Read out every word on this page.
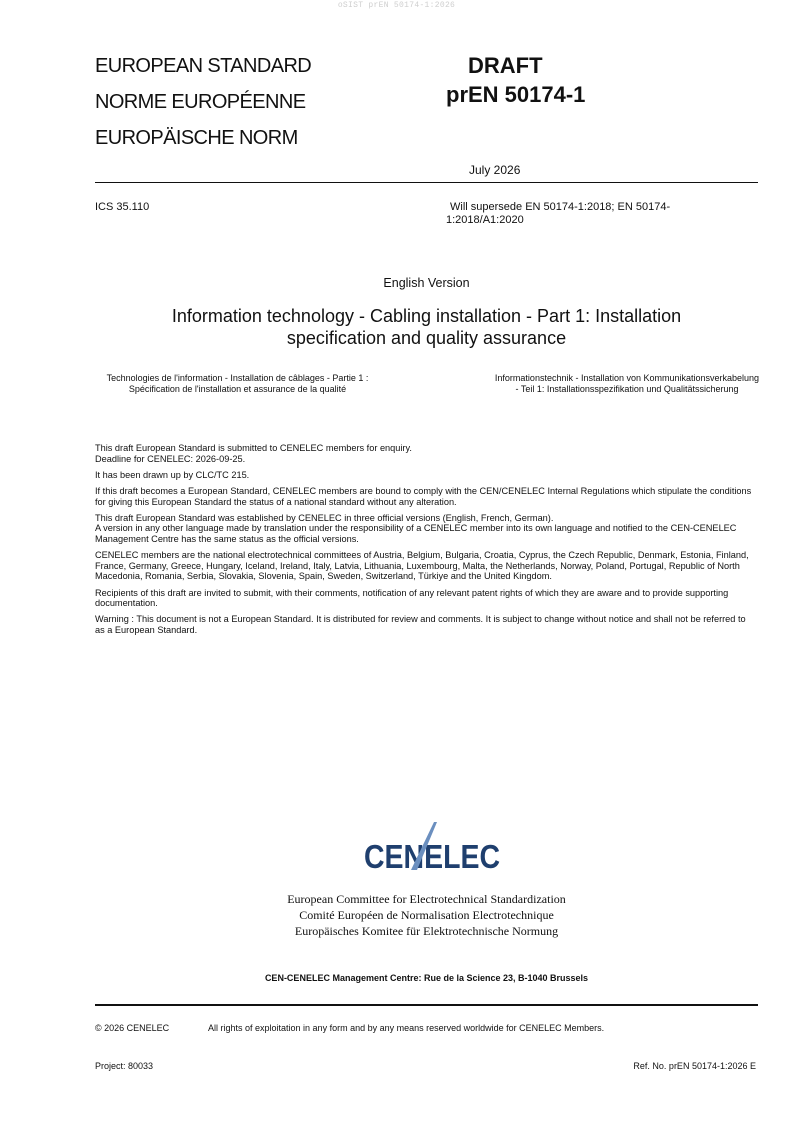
oSIST prEN 50174-1:2026
EUROPEAN STANDARD
NORME EUROPÉENNE
EUROPÄISCHE NORM
DRAFT
prEN 50174-1
July 2026
ICS 35.110	Will supersede EN 50174-1:2018; EN 50174-1:2018/A1:2020
English Version
Information technology - Cabling installation - Part 1: Installation specification and quality assurance
Technologies de l'information - Installation de câblages - Partie 1 : Spécification de l'installation et assurance de la qualité
Informationstechnik - Installation von Kommunikationsverkabelung - Teil 1: Installationsspezifikation und Qualitätssicherung

This draft European Standard is submitted to CENELEC members for enquiry.
Deadline for CENELEC: 2026-09-25.

It has been drawn up by CLC/TC 215.

If this draft becomes a European Standard, CENELEC members are bound to comply with the CEN/CENELEC Internal Regulations which stipulate the conditions for giving this European Standard the status of a national standard without any alteration.

This draft European Standard was established by CENELEC in three official versions (English, French, German).
A version in any other language made by translation under the responsibility of a CENELEC member into its own language and notified to the CEN-CENELEC Management Centre has the same status as the official versions.

CENELEC members are the national electrotechnical committees of Austria, Belgium, Bulgaria, Croatia, Cyprus, the Czech Republic, Denmark, Estonia, Finland, France, Germany, Greece, Hungary, Iceland, Ireland, Italy, Latvia, Lithuania, Luxembourg, Malta, the Netherlands, Norway, Poland, Portugal, Republic of North Macedonia, Romania, Serbia, Slovakia, Slovenia, Spain, Sweden, Switzerland, Türkiye and the United Kingdom.

Recipients of this draft are invited to submit, with their comments, notification of any relevant patent rights of which they are aware and to provide supporting documentation.

Warning : This document is not a European Standard. It is distributed for review and comments. It is subject to change without notice and shall not be referred to as a European Standard.

CENELEC
European Committee for Electrotechnical Standardization
Comité Européen de Normalisation Electrotechnique
Europäisches Komitee für Elektrotechnische Normung
CEN-CENELEC Management Centre: Rue de la Science 23, B-1040 Brussels
© 2026 CENELEC	All rights of exploitation in any form and by any means reserved worldwide for CENELEC Members.
Project: 80033	Ref. No. prEN 50174-1:2026 E
